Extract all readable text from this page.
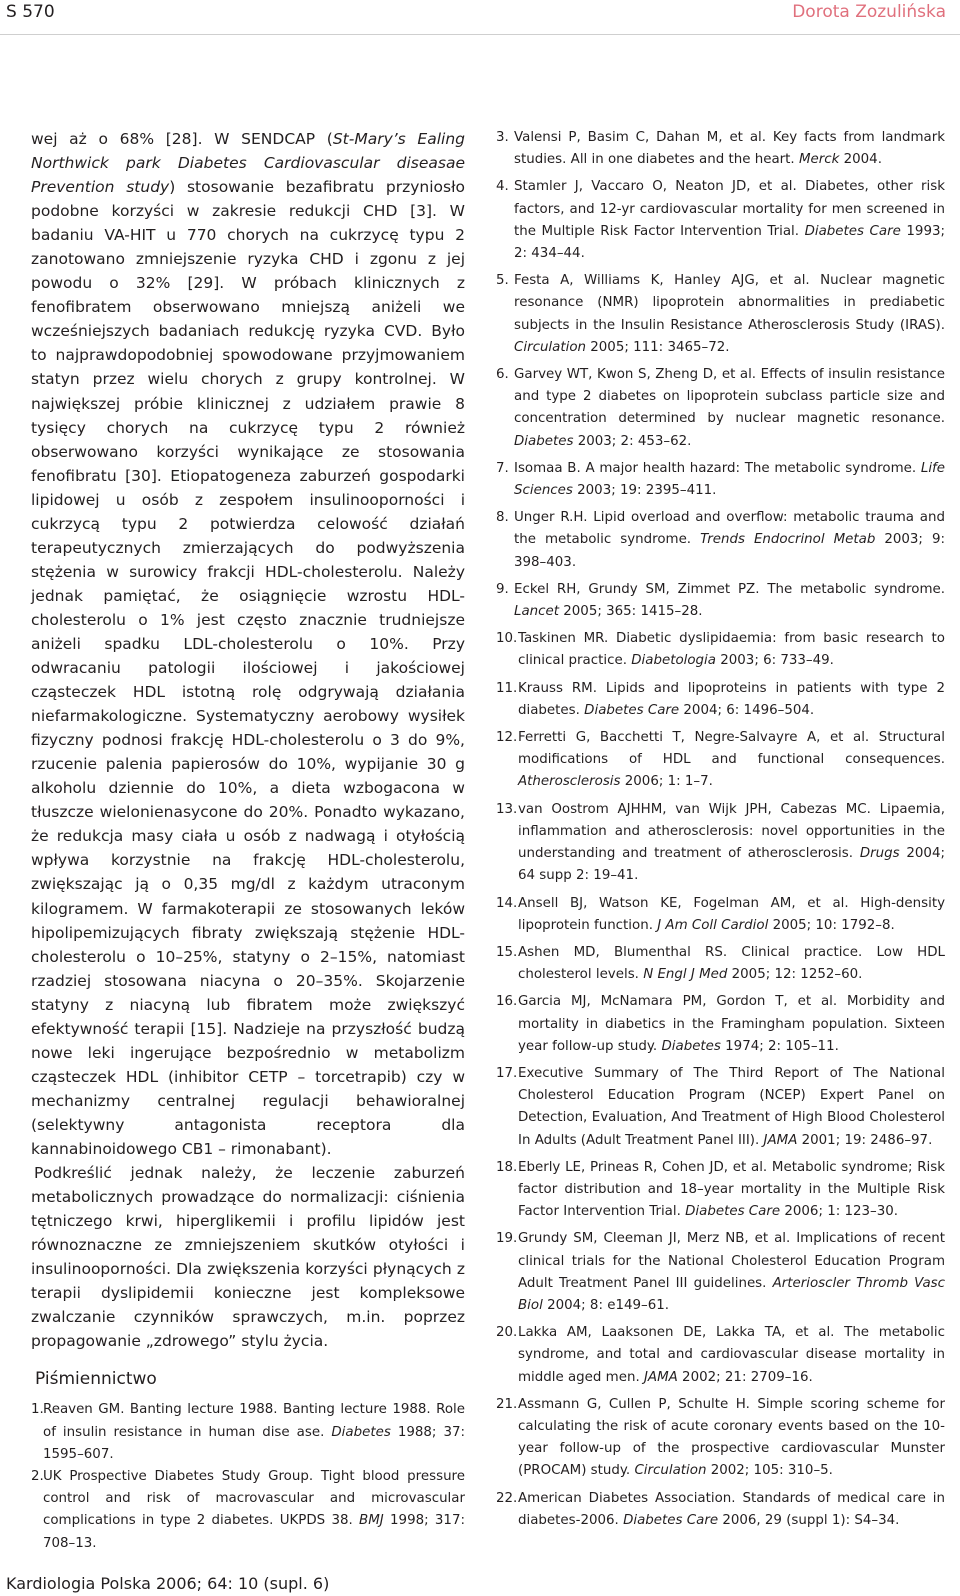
S 570	Dorota Zozulińska

wej aż o 68% [28]. W SENDCAP (St-Mary’s Ealing Northwick park Diabetes Cardiovascular diseasae Prevention study) stosowanie bezafibratu przyniosło podobne korzyści w zakresie redukcji CHD [3]. W badaniu VA-HIT u 770 chorych na cukrzycę typu 2 zanotowano zmniejszenie ryzyka CHD i zgonu z jej powodu o 32% [29]. W próbach klinicznych z fenofibratem obserwowano mniejszą aniżeli we wcześniejszych badaniach redukcję ryzyka CVD. Było to najprawdopodobniej spowodowane przyjmowaniem statyn przez wielu chorych z grupy kontrolnej. W największej próbie klinicznej z udziałem prawie 8 tysięcy chorych na cukrzycę typu 2 również obserwowano korzyści wynikające ze stosowania fenofibratu [30]. Etiopatogeneza zaburzeń gospodarki lipidowej u osób z zespołem insulinooporności i cukrzycą typu 2 potwierdza celowość działań terapeutycznych zmierzających do podwyższenia stężenia w surowicy frakcji HDL-cholesterolu. Należy jednak pamiętać, że osiągnięcie wzrostu HDL-cholesterolu o 1% jest często znacznie trudniejsze aniżeli spadku LDL-cholesterolu o 10%. Przy odwracaniu patologii ilościowej i jakościowej cząsteczek HDL istotną rolę odgrywają działania niefarmakologiczne. Systematyczny aerobowy wysiłek fizyczny podnosi frakcję HDL-cholesterolu o 3 do 9%, rzucenie palenia papierosów do 10%, wypijanie 30 g alkoholu dziennie do 10%, a dieta wzbogacona w tłuszcze wielonienasycone do 20%. Ponadto wykazano, że redukcja masy ciała u osób z nadwagą i otyłością wpływa korzystnie na frakcję HDL-cholesterolu, zwiększając ją o 0,35 mg/dl z każdym utraconym kilogramem. W farmakoterapii ze stosowanych leków hipolipemizujących fibraty zwiększają stężenie HDL-cholesterolu o 10–25%, statyny o 2–15%, natomiast rzadziej stosowana niacyna o 20–35%. Skojarzenie statyny z niacyną lub fibratem może zwiększyć efektywność terapii [15]. Nadzieje na przyszłość budzą nowe leki ingerujące bezpośrednio w metabolizm cząsteczek HDL (inhibitor CETP – torcetrapib) czy w mechanizmy centralnej regulacji behawioralnej (selektywny antagonista receptora dla kannabinoidowego CB1 – rimonabant).

Podkreślić jednak należy, że leczenie zaburzeń metabolicznych prowadzące do normalizacji: ciśnienia tętniczego krwi, hiperglikemii i profilu lipidów jest równoznaczne ze zmniejszeniem skutków otyłości i insulinooporności. Dla zwiększenia korzyści płynących z terapii dyslipidemii konieczne jest kompleksowe zwalczanie czynników sprawczych, m.in. poprzez propagowanie „zdrowego” stylu życia.

Piśmiennictwo
1. Reaven GM. Banting lecture 1988. Banting lecture 1988. Role of insulin resistance in human dise ase. Diabetes 1988; 37: 1595–607.
2. UK Prospective Diabetes Study Group. Tight blood pressure control and risk of macrovascular and microvascular complications in type 2 diabetes. UKPDS 38. BMJ 1998; 317: 708–13.
3. Valensi P, Basim C, Dahan M, et al. Key facts from landmark studies. All in one diabetes and the heart. Merck 2004.
4. Stamler J, Vaccaro O, Neaton JD, et al. Diabetes, other risk factors, and 12-yr cardiovascular mortality for men screened in the Multiple Risk Factor Intervention Trial. Diabetes Care 1993; 2: 434–44.
5. Festa A, Williams K, Hanley AJG, et al. Nuclear magnetic resonance (NMR) lipoprotein abnormalities in prediabetic subjects in the Insulin Resistance Atherosclerosis Study (IRAS). Circulation 2005; 111: 3465–72.
6. Garvey WT, Kwon S, Zheng D, et al. Effects of insulin resistance and type 2 diabetes on lipoprotein subclass particle size and concentration determined by nuclear magnetic resonance. Diabetes 2003; 2: 453–62.
7. Isomaa B. A major health hazard: The metabolic syndrome. Life Sciences 2003; 19: 2395–411.
8. Unger R.H. Lipid overload and overflow: metabolic trauma and the metabolic syndrome. Trends Endocrinol Metab 2003; 9: 398–403.
9. Eckel RH, Grundy SM, Zimmet PZ. The metabolic syndrome. Lancet 2005; 365: 1415–28.
10. Taskinen MR. Diabetic dyslipidaemia: from basic research to clinical practice. Diabetologia 2003; 6: 733–49.
11. Krauss RM. Lipids and lipoproteins in patients with type 2 diabetes. Diabetes Care 2004; 6: 1496–504.
12. Ferretti G, Bacchetti T, Negre-Salvayre A, et al. Structural modifications of HDL and functional consequences. Atherosclerosis 2006; 1: 1–7.
13. van Oostrom AJHHM, van Wijk JPH, Cabezas MC. Lipaemia, inflammation and atherosclerosis: novel opportunities in the understanding and treatment of atherosclerosis. Drugs 2004; 64 supp 2: 19–41.
14. Ansell BJ, Watson KE, Fogelman AM, et al. High-density lipoprotein function. J Am Coll Cardiol 2005; 10: 1792–8.
15. Ashen MD, Blumenthal RS. Clinical practice. Low HDL cholesterol levels. N Engl J Med 2005; 12: 1252–60.
16. Garcia MJ, McNamara PM, Gordon T, et al. Morbidity and mortality in diabetics in the Framingham population. Sixteen year follow-up study. Diabetes 1974; 2: 105–11.
17. Executive Summary of The Third Report of The National Cholesterol Education Program (NCEP) Expert Panel on Detection, Evaluation, And Treatment of High Blood Cholesterol In Adults (Adult Treatment Panel III). JAMA 2001; 19: 2486–97.
18. Eberly LE, Prineas R, Cohen JD, et al. Metabolic syndrome; Risk factor distribution and 18–year mortality in the Multiple Risk Factor Intervention Trial. Diabetes Care 2006; 1: 123–30.
19. Grundy SM, Cleeman JI, Merz NB, et al. Implications of recent clinical trials for the National Cholesterol Education Program Adult Treatment Panel III guidelines. Arterioscler Thromb Vasc Biol 2004; 8: e149–61.
20. Lakka AM, Laaksonen DE, Lakka TA, et al. The metabolic syndrome, and total and cardiovascular disease mortality in middle aged men. JAMA 2002; 21: 2709–16.
21. Assmann G, Cullen P, Schulte H. Simple scoring scheme for calculating the risk of acute coronary events based on the 10-year follow-up of the prospective cardiovascular Munster (PROCAM) study. Circulation 2002; 105: 310–5.
22. American Diabetes Association. Standards of medical care in diabetes-2006. Diabetes Care 2006, 29 (suppl 1): S4–34.
Kardiologia Polska 2006; 64: 10 (supl. 6)
